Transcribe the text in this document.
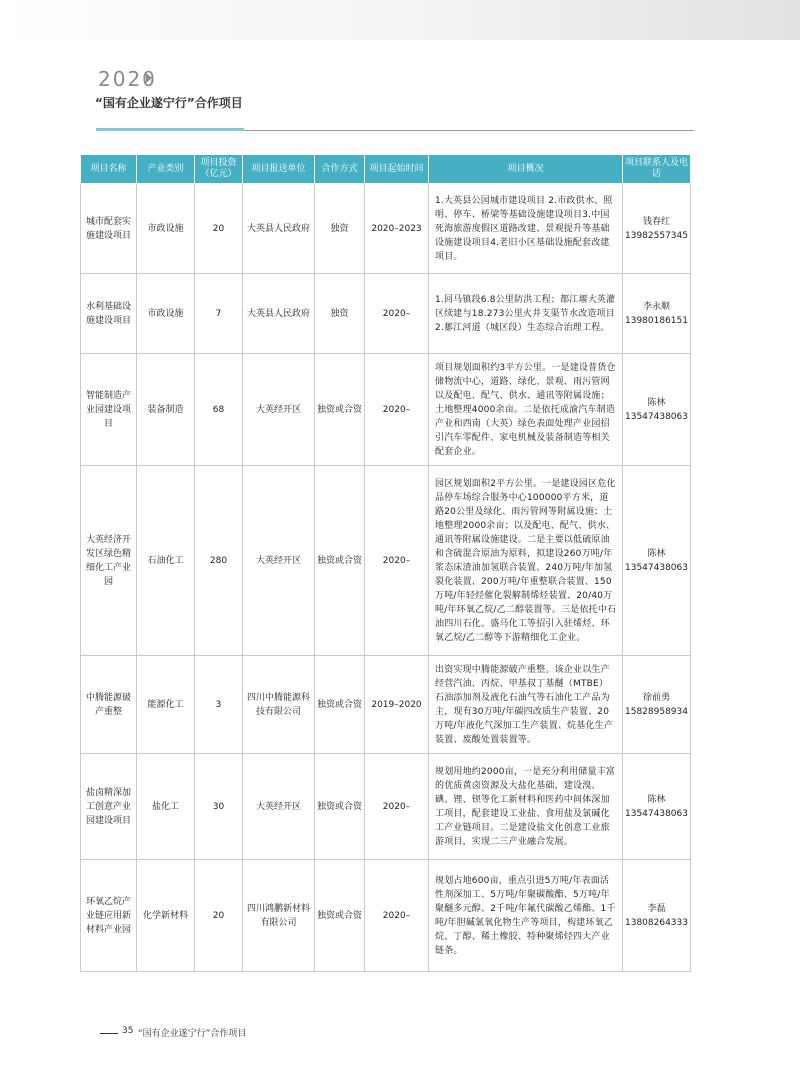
2020
“国有企业遂宁行”合作项目
项目名称	产业类别	项目投资（亿元）	项目报送单位	合作方式	项目起始时间	项目概况	项目联系人及电话
城市配套实施建设项目	市政设施	20	大英县人民政府	独资	2020–2023	1.大英县公园城市建设项目 2.市政供水、照明、停车、桥梁等基础设施建设项目3.中国死海旅游度假区道路改建、景观提升等基础设施建设项目4.老旧小区基础设施配套改建项目。	钱春红
13982557345

水利基础设施建设项目	市政设施	7	大英县人民政府	独资	2020–	1.回马镇段6.8公里防洪工程；都江堰大英灌区续建与18.273公里火井支渠节水改造项目2.郪江河道（城区段）生态综合治理工程。	李永顺
13980186151

智能制造产业园建设项目	装备制造	68	大英经开区	独资或合资	2020–	项目规划面积约3平方公里。一是建设普货仓储物流中心，道路、绿化、景观、雨污管网以及配电、配气、供水、通讯等附属设施；土地整理4000余亩。二是依托成渝汽车制造产业和西南（大英）绿色表面处理产业园招引汽车零配件、家电机械及装备制造等相关配套企业。	陈林
13547438063

大英经济开发区绿色精细化工产业园	石油化工	280	大英经开区	独资或合资	2020–	园区规划面积2平方公里。一是建设园区危化品停车场综合服务中心100000平方米，道路20公里及绿化、雨污管网等附属设施；土地整理2000余亩；以及配电、配气、供水、通讯等附属设施建设。二是主要以低硫原油和含硫混合原油为原料，拟建设260万吨/年浆态床渣油加氢联合装置、240万吨/年加氢裂化装置、200万吨/年重整联合装置、150万吨/年轻烃催化裂解制烯烃装置、20/40万吨/年环氧乙烷/乙二醇装置等。三是依托中石油四川石化、盛马化工等招引入驻烯烃、环氧乙烷/乙二醇等下游精细化工企业。	陈林
13547438063

中腾能源破产重整	能源化工	3	四川中腾能源科技有限公司	独资或合资	2019–2020	出资实现中腾能源破产重整。该企业以生产经营汽油、丙烷、甲基叔丁基醚（MTBE）石油添加剂及液化石油气等石油化工产品为主，现有30万吨/年碳四改质生产装置、20万吨/年液化气深加工生产装置、烷基化生产装置、废酸处置装置等。	徐前勇
15828958934

盐卤精深加工创意产业园建设项目	盐化工	30	大英经开区	独资或合资	2020–	规划用地约2000亩，一是充分利用储量丰富的优质黄卤资源及大盐化基础，建设溴、碘、锂、钡等化工新材料和医药中间体深加工项目，配套建设工业盐、食用盐及氯碱化工产业链项目。二是建设盐文化创意工业旅游项目，实现二三产业融合发展。	陈林
13547438063

环氧乙烷产业链应用新材料产业园	化学新材料	20	四川鸿鹏新材料有限公司	独资或合资	2020–	规划占地600亩，重点引进5万吨/年表面活性剂深加工、5万吨/年聚碳酸酯、5万吨/年聚醚多元醇、2千吨/年氟代碳酸乙烯酯、1千吨/年胆碱氯氧化物生产等项目，构建环氧乙烷、丁醇、稀土橡胶、特种聚烯烃四大产业链条。	李磊
13808264333
35 “国有企业遂宁行”合作项目
